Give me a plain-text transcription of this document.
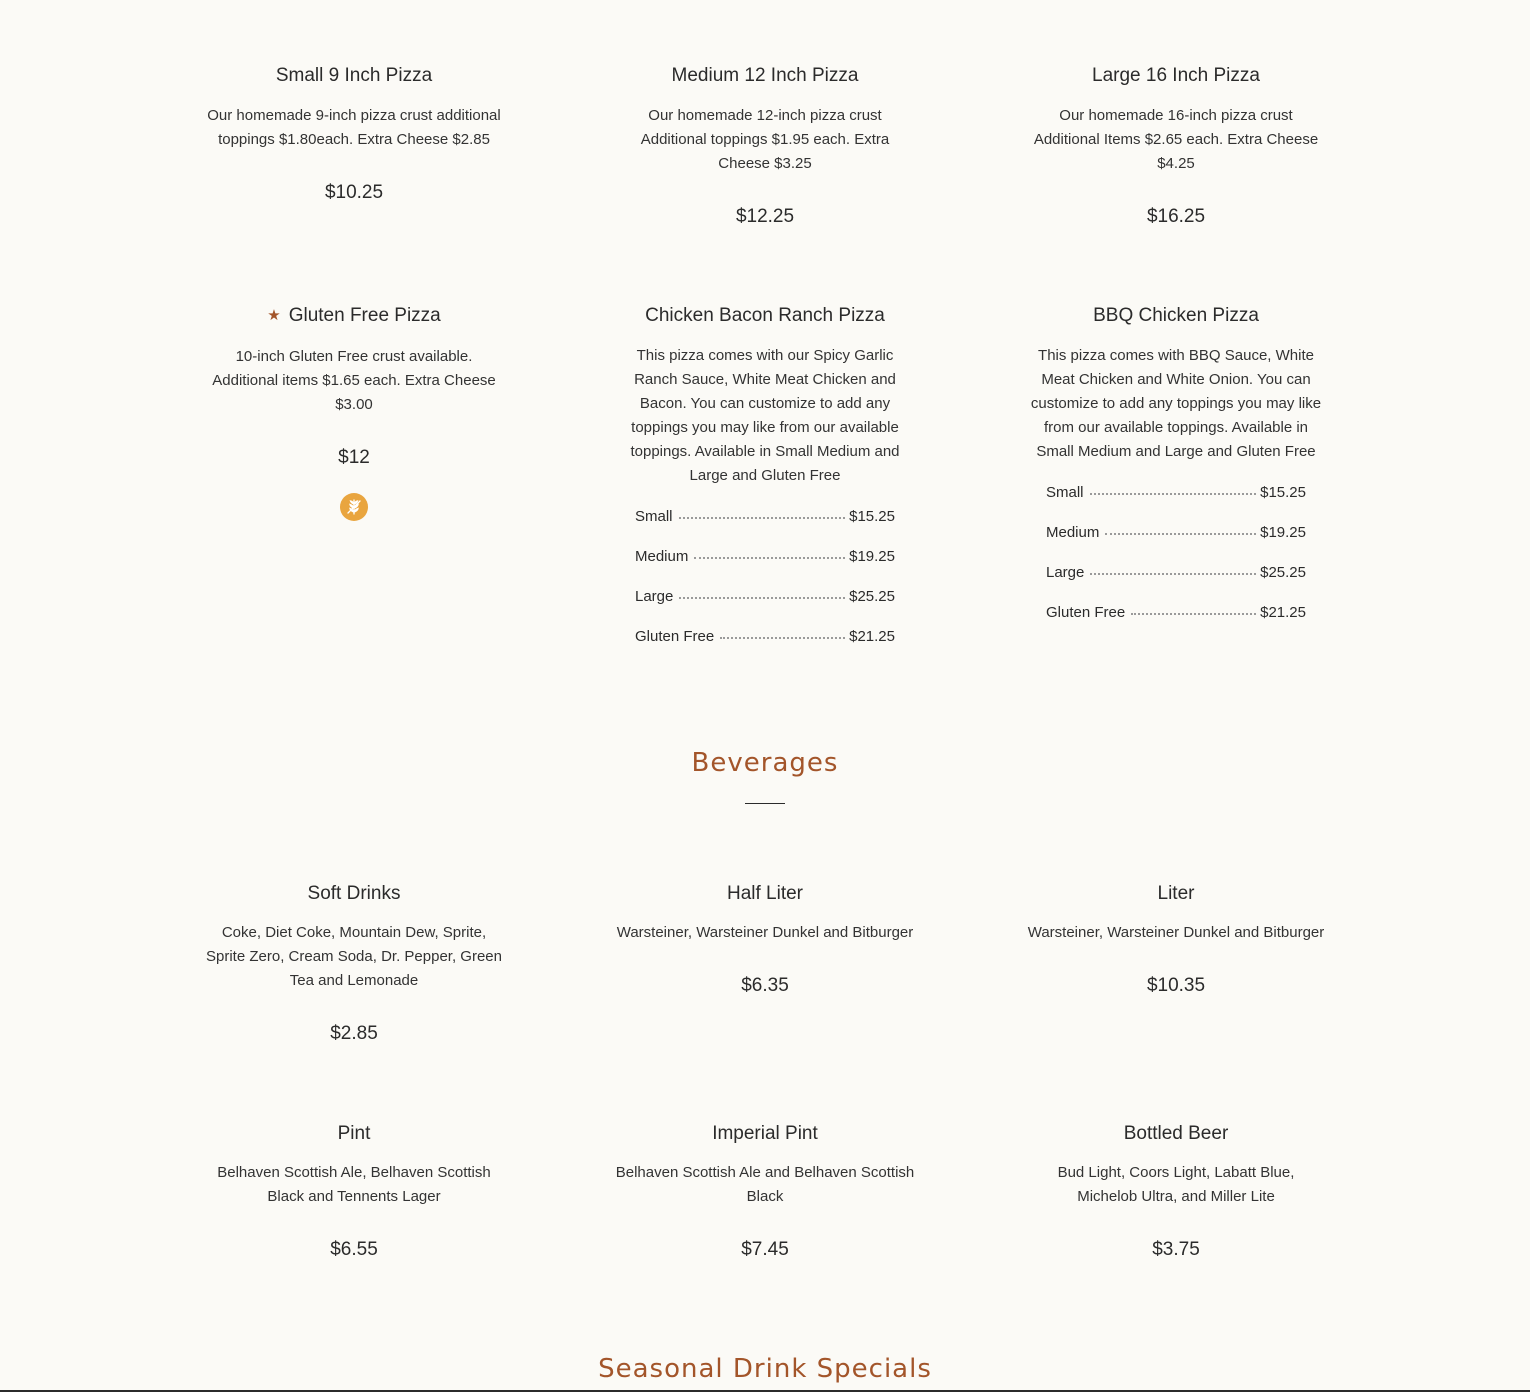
Small 9 Inch Pizza

Our homemade 9-inch pizza crust additional toppings $1.80each. Extra Cheese $2.85

$10.25
Medium 12 Inch Pizza

Our homemade 12-inch pizza crust Additional toppings $1.95 each. Extra Cheese $3.25

$12.25
Large 16 Inch Pizza

Our homemade 16-inch pizza crust Additional Items $2.65 each. Extra Cheese $4.25

$16.25
★ Gluten Free Pizza

10-inch Gluten Free crust available. Additional items $1.65 each. Extra Cheese $3.00

$12
Chicken Bacon Ranch Pizza

This pizza comes with our Spicy Garlic Ranch Sauce, White Meat Chicken and Bacon. You can customize to add any toppings you may like from our available toppings. Available in Small Medium and Large and Gluten Free

Small	$15.25
Medium	$19.25
Large	$25.25
Gluten Free	$21.25
BBQ Chicken Pizza

This pizza comes with BBQ Sauce, White Meat Chicken and White Onion. You can customize to add any toppings you may like from our available toppings. Available in Small Medium and Large and Gluten Free

Small	$15.25
Medium	$19.25
Large	$25.25
Gluten Free	$21.25
Beverages
Soft Drinks

Coke, Diet Coke, Mountain Dew, Sprite, Sprite Zero, Cream Soda, Dr. Pepper, Green Tea and Lemonade

$2.85
Half Liter

Warsteiner, Warsteiner Dunkel and Bitburger

$6.35
Liter

Warsteiner, Warsteiner Dunkel and Bitburger

$10.35
Pint

Belhaven Scottish Ale, Belhaven Scottish Black and Tennents Lager

$6.55
Imperial Pint

Belhaven Scottish Ale and Belhaven Scottish Black

$7.45
Bottled Beer

Bud Light, Coors Light, Labatt Blue, Michelob Ultra, and Miller Lite

$3.75
Seasonal Drink Specials
